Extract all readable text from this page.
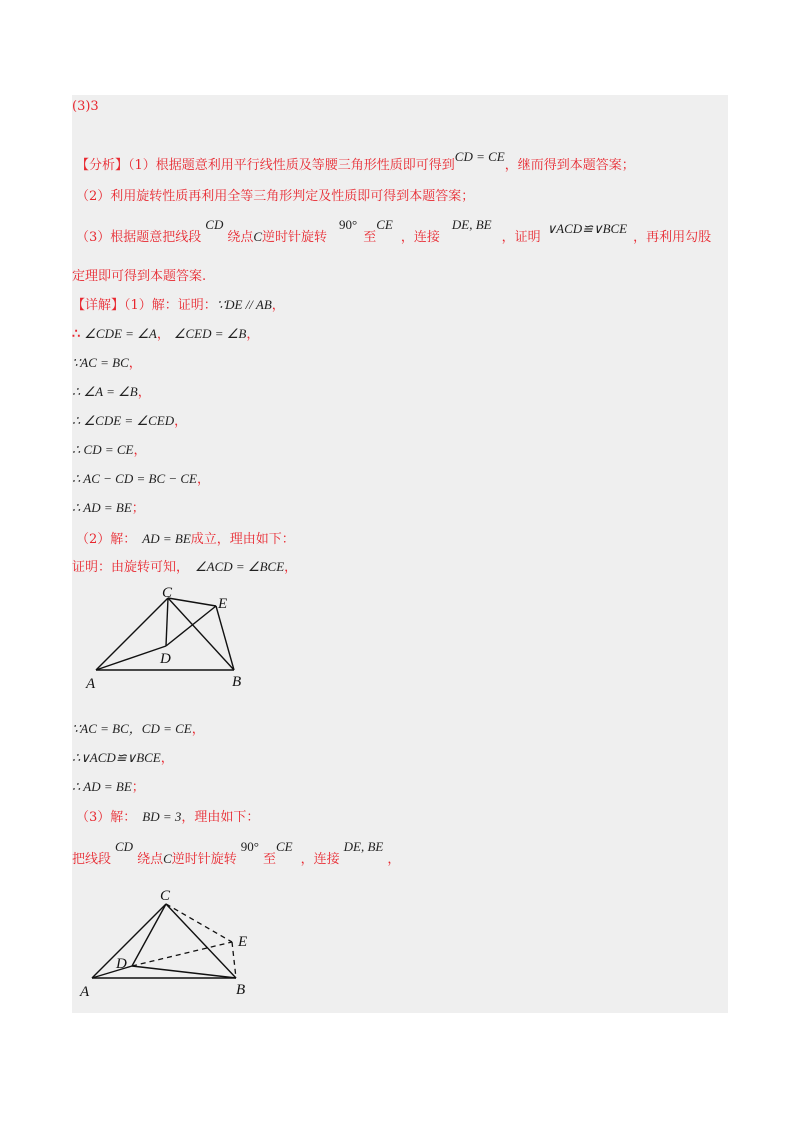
(3)3
【分析】（1）根据题意利用平行线性质及等腰三角形性质即可得到CD = CE，继而得到本题答案；
（2）利用旋转性质再利用全等三角形判定及性质即可得到本题答案；
（3）根据题意把线段CD绕点C逆时针旋转90°至CE，连接DE, BE，证明∨ACD≌∨BCE，再利用勾股
定理即可得到本题答案.
【详解】（1）解：证明：∵DE // AB，
∴ ∠CDE = ∠A， ∠CED = ∠B，
∵AC = BC，
∴ ∠A = ∠B，
∴ ∠CDE = ∠CED，
∴ CD = CE，
∴ AC − CD = BC − CE，
∴ AD = BE；
（2）解： AD = BE成立，理由如下：
证明：由旋转可知， ∠ACD = ∠BCE，
C
E
D
A	B
∵AC = BC，CD = CE，
∴∨ACD≌∨BCE，
∴ AD = BE；
（3）解： BD = 3，理由如下：
把线段CD绕点C逆时针旋转90°至CE，连接DE, BE，
C
E
D
A	B
